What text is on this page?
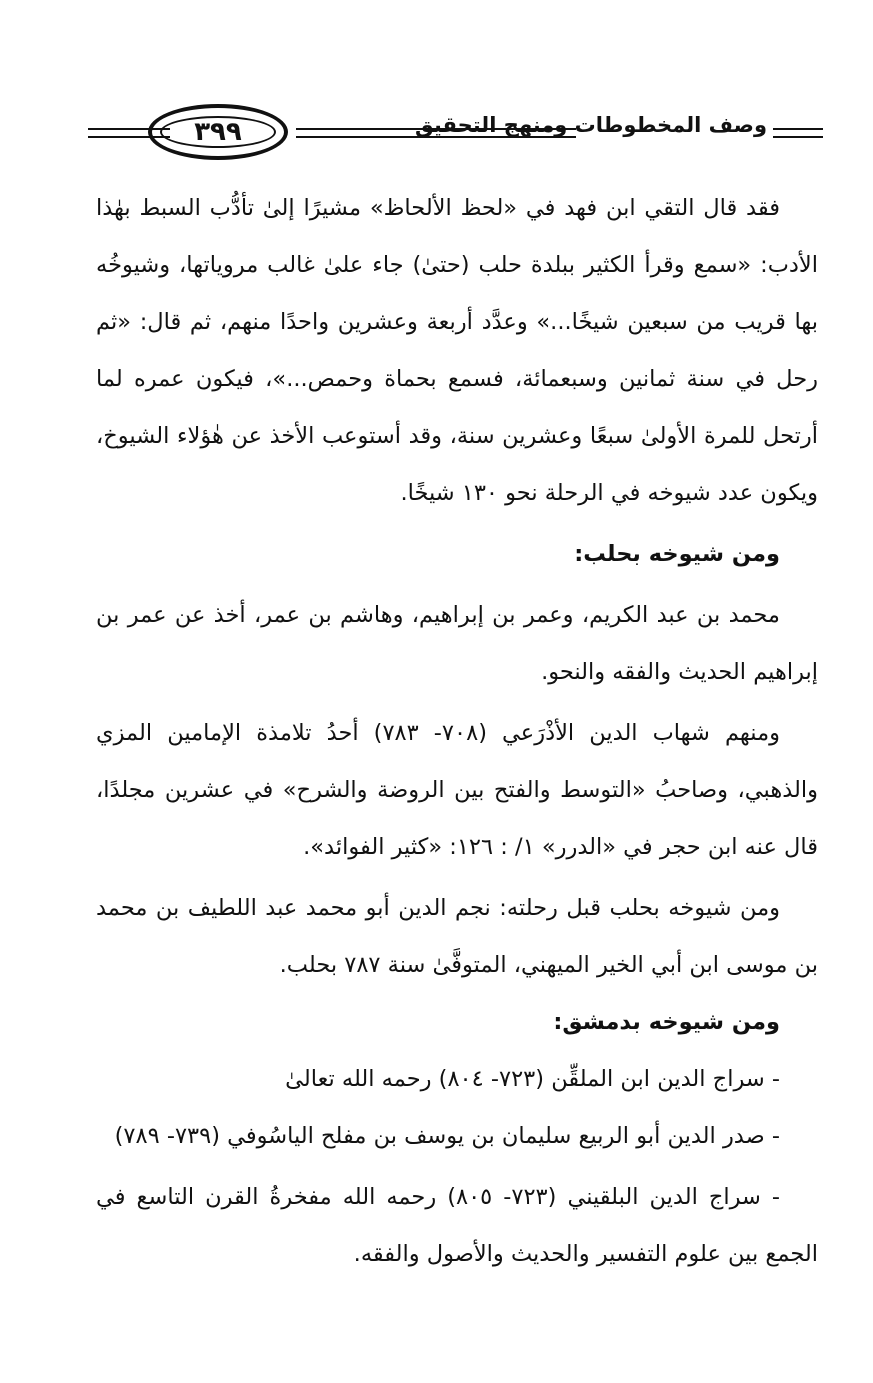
٣٩٩	وصف المخطوطات ومنهج التحقيق

فقد قال التقي ابن فهد في «لحظ الألحاظ» مشيرًا إلىٰ تأدُّب السبط بهٰذا الأدب: «سمع وقرأ الكثير ببلدة حلب (حتىٰ) جاء علىٰ غالب مروياتها، وشيوخُه بها قريب من سبعين شيخًا...» وعدَّد أربعة وعشرين واحدًا منهم، ثم قال: «ثم رحل في سنة ثمانين وسبعمائة، فسمع بحماة وحمص...»، فيكون عمره لما أرتحل للمرة الأولىٰ سبعًا وعشرين سنة، وقد أستوعب الأخذ عن هٰؤلاء الشيوخ، ويكون عدد شيوخه في الرحلة نحو ١٣٠ شيخًا.

ومن شيوخه بحلب:

محمد بن عبد الكريم، وعمر بن إبراهيم، وهاشم بن عمر، أخذ عن عمر بن إبراهيم الحديث والفقه والنحو.

ومنهم شهاب الدين الأذْرَعي (٧٠٨- ٧٨٣) أحدُ تلامذة الإمامين المزي والذهبي، وصاحبُ «التوسط والفتح بين الروضة والشرح» في عشرين مجلدًا، قال عنه ابن حجر في «الدرر» ١/ : ١٢٦: «كثير الفوائد».

ومن شيوخه بحلب قبل رحلته: نجم الدين أبو محمد عبد اللطيف بن محمد بن موسى ابن أبي الخير الميهني، المتوفَّىٰ سنة ٧٨٧ بحلب.

ومن شيوخه بدمشق:

- سراج الدين ابن الملقِّن (٧٢٣- ٨٠٤) رحمه الله تعالىٰ

- صدر الدين أبو الربيع سليمان بن يوسف بن مفلح الياسُوفي (٧٣٩- ٧٨٩)

- سراج الدين البلقيني (٧٢٣- ٨٠٥) رحمه الله مفخرةُ القرن التاسع في الجمع بين علوم التفسير والحديث والأصول والفقه.
